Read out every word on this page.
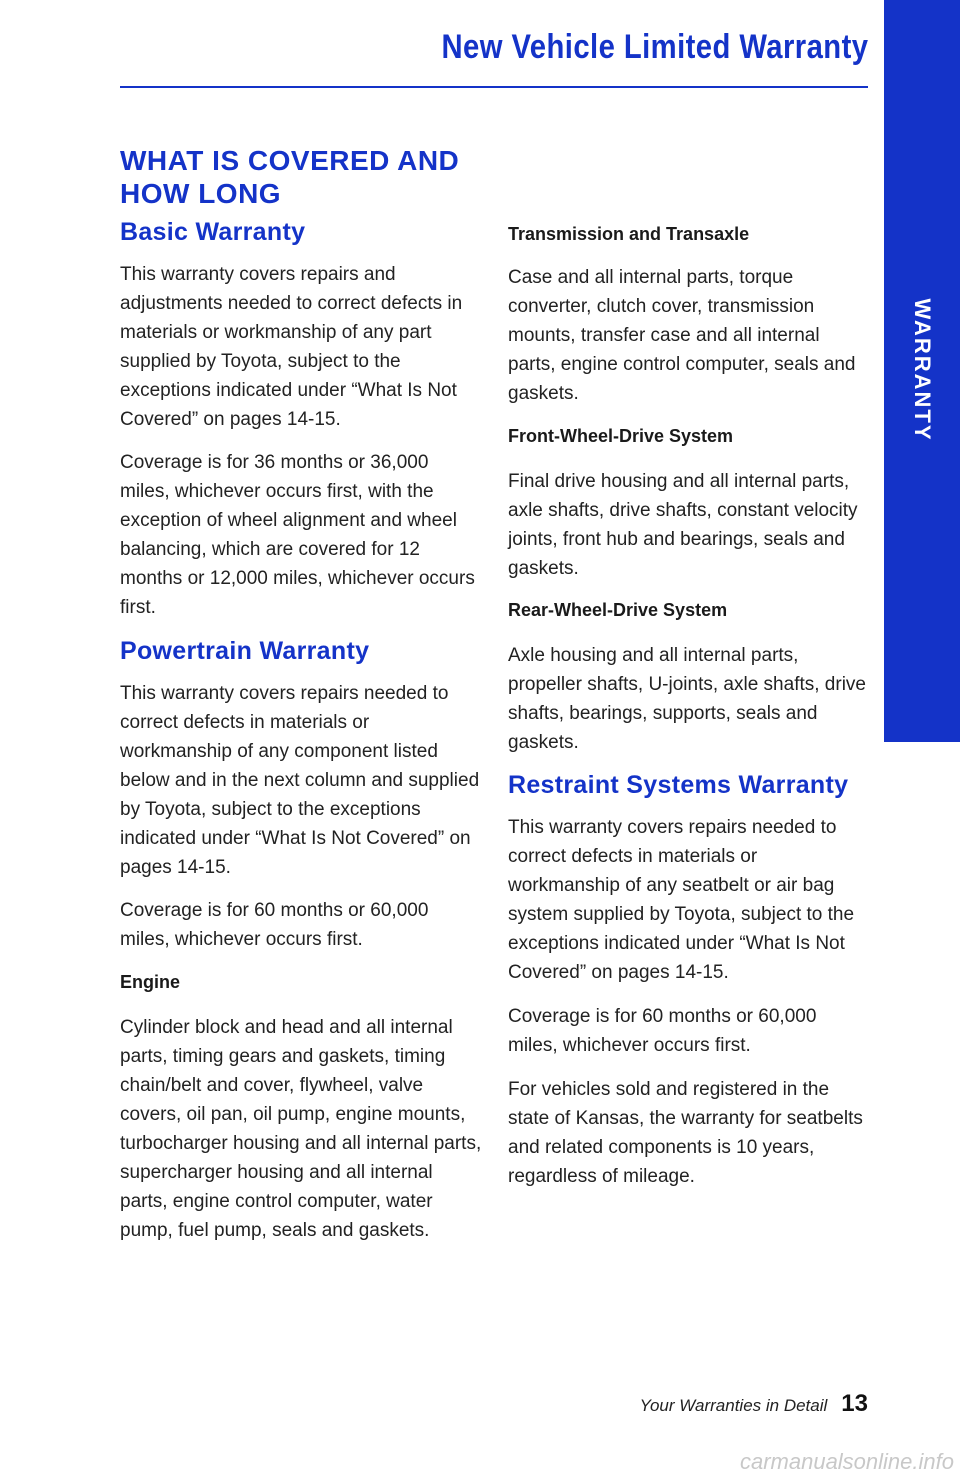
New Vehicle Limited Warranty
WARRANTY
WHAT IS COVERED AND HOW LONG
Basic Warranty

This warranty covers repairs and adjustments needed to correct defects in materials or workmanship of any part supplied by Toyota, subject to the exceptions indicated under “What Is Not Covered” on pages 14-15.

Coverage is for 36 months or 36,000 miles, whichever occurs first, with the exception of wheel alignment and wheel balancing, which are covered for 12 months or 12,000 miles, whichever occurs first.

Powertrain Warranty

This warranty covers repairs needed to correct defects in materials or workmanship of any component listed below and in the next column and supplied by Toyota, subject to the exceptions indicated under “What Is Not Covered” on pages 14-15.

Coverage is for 60 months or 60,000 miles, whichever occurs first.

Engine

Cylinder block and head and all internal parts, timing gears and gaskets, timing chain/belt and cover, flywheel, valve covers, oil pan, oil pump, engine mounts, turbocharger housing and all internal parts, supercharger housing and all internal parts, engine control computer, water pump, fuel pump, seals and gaskets.

Transmission and Transaxle

Case and all internal parts, torque converter, clutch cover, transmission mounts, transfer case and all internal parts, engine control computer, seals and gaskets.

Front-Wheel-Drive System

Final drive housing and all internal parts, axle shafts, drive shafts, constant velocity joints, front hub and bearings, seals and gaskets.

Rear-Wheel-Drive System

Axle housing and all internal parts, propeller shafts, U-joints, axle shafts, drive shafts, bearings, supports, seals and gaskets.

Restraint Systems Warranty

This warranty covers repairs needed to correct defects in materials or workmanship of any seatbelt or air bag system supplied by Toyota, subject to the exceptions indicated under “What Is Not Covered” on pages 14-15.

Coverage is for 60 months or 60,000 miles, whichever occurs first.

For vehicles sold and registered in the state of Kansas, the warranty for seatbelts and related components is 10 years, regardless of mileage.

Your Warranties in Detail 13
carmanualsonline.info
